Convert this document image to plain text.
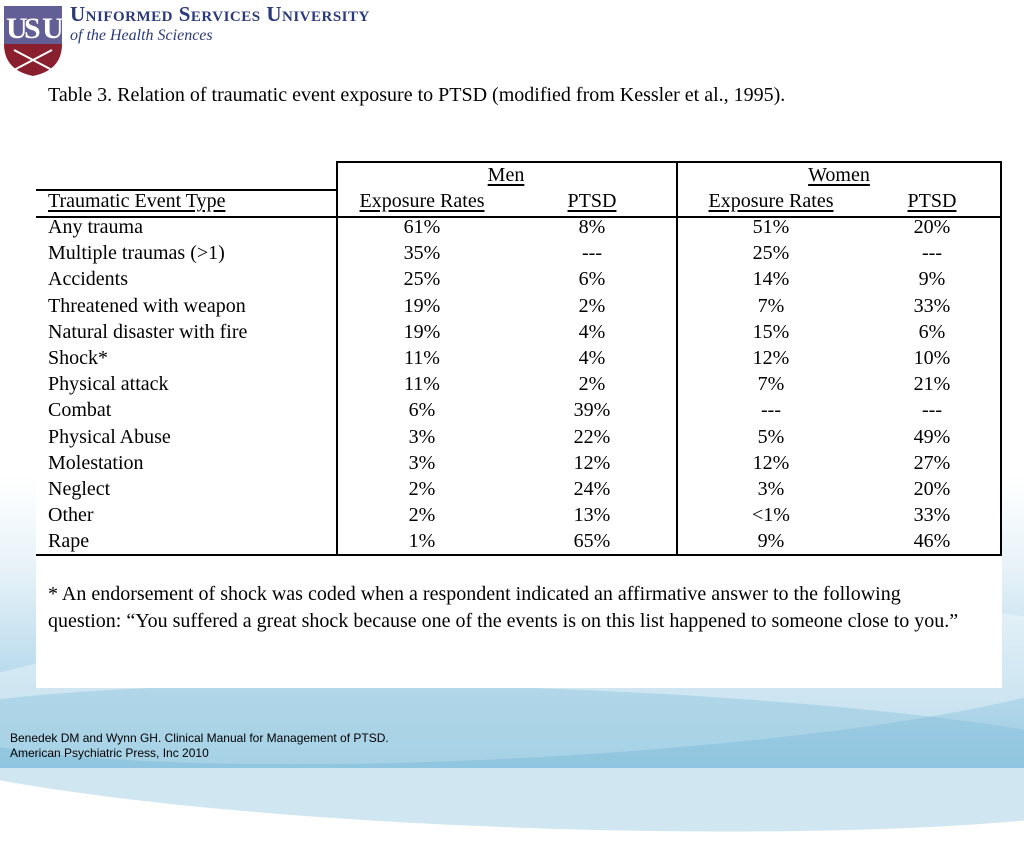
U
S U Uniformed Services University
of the Health Sciences
Table 3. Relation of traumatic event exposure to PTSD (modified from Kessler et al., 1995).
Men	Women
Traumatic Event Type	Exposure Rates	PTSD	Exposure Rates	PTSD
Any trauma	61%	8%	51%	20%
Multiple traumas (>1)	35%	---	25%	---
Accidents	25%	6%	14%	9%
Threatened with weapon	19%	2%	7%	33%
Natural disaster with fire	19%	4%	15%	6%
Shock*	11%	4%	12%	10%
Physical attack	11%	2%	7%	21%
Combat	6%	39%	---	---
Physical Abuse	3%	22%	5%	49%
Molestation	3%	12%	12%	27%
Neglect	2%	24%	3%	20%
Other	2%	13%	<1%	33%
Rape	1%	65%	9%	46%
* An endorsement of shock was coded when a respondent indicated an affirmative answer to the following question: “You suffered a great shock because one of the events is on this list happened to someone close to you.”
Benedek DM and Wynn GH. Clinical Manual for Management of PTSD.
American Psychiatric Press, Inc 2010
